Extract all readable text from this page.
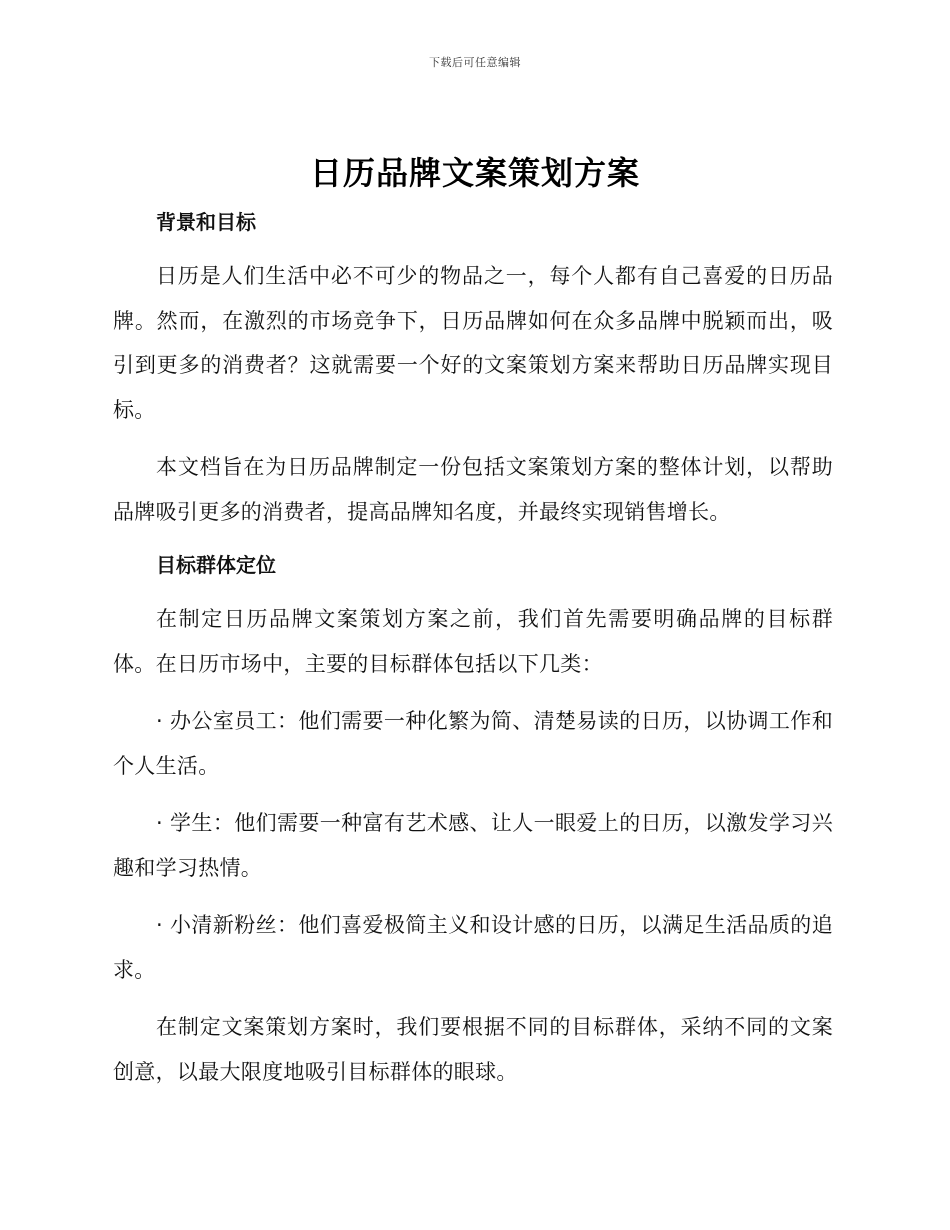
下载后可任意编辑
日历品牌文案策划方案
背景和目标

日历是人们生活中必不可少的物品之一，每个人都有自己喜爱的日历品牌。然而，在激烈的市场竞争下，日历品牌如何在众多品牌中脱颖而出，吸引到更多的消费者？这就需要一个好的文案策划方案来帮助日历品牌实现目标。

本文档旨在为日历品牌制定一份包括文案策划方案的整体计划，以帮助品牌吸引更多的消费者，提高品牌知名度，并最终实现销售增长。

目标群体定位

在制定日历品牌文案策划方案之前，我们首先需要明确品牌的目标群体。在日历市场中，主要的目标群体包括以下几类：

· 办公室员工：他们需要一种化繁为简、清楚易读的日历，以协调工作和个人生活。

· 学生：他们需要一种富有艺术感、让人一眼爱上的日历，以激发学习兴趣和学习热情。

· 小清新粉丝：他们喜爱极简主义和设计感的日历，以满足生活品质的追求。

在制定文案策划方案时，我们要根据不同的目标群体，采纳不同的文案创意，以最大限度地吸引目标群体的眼球。
